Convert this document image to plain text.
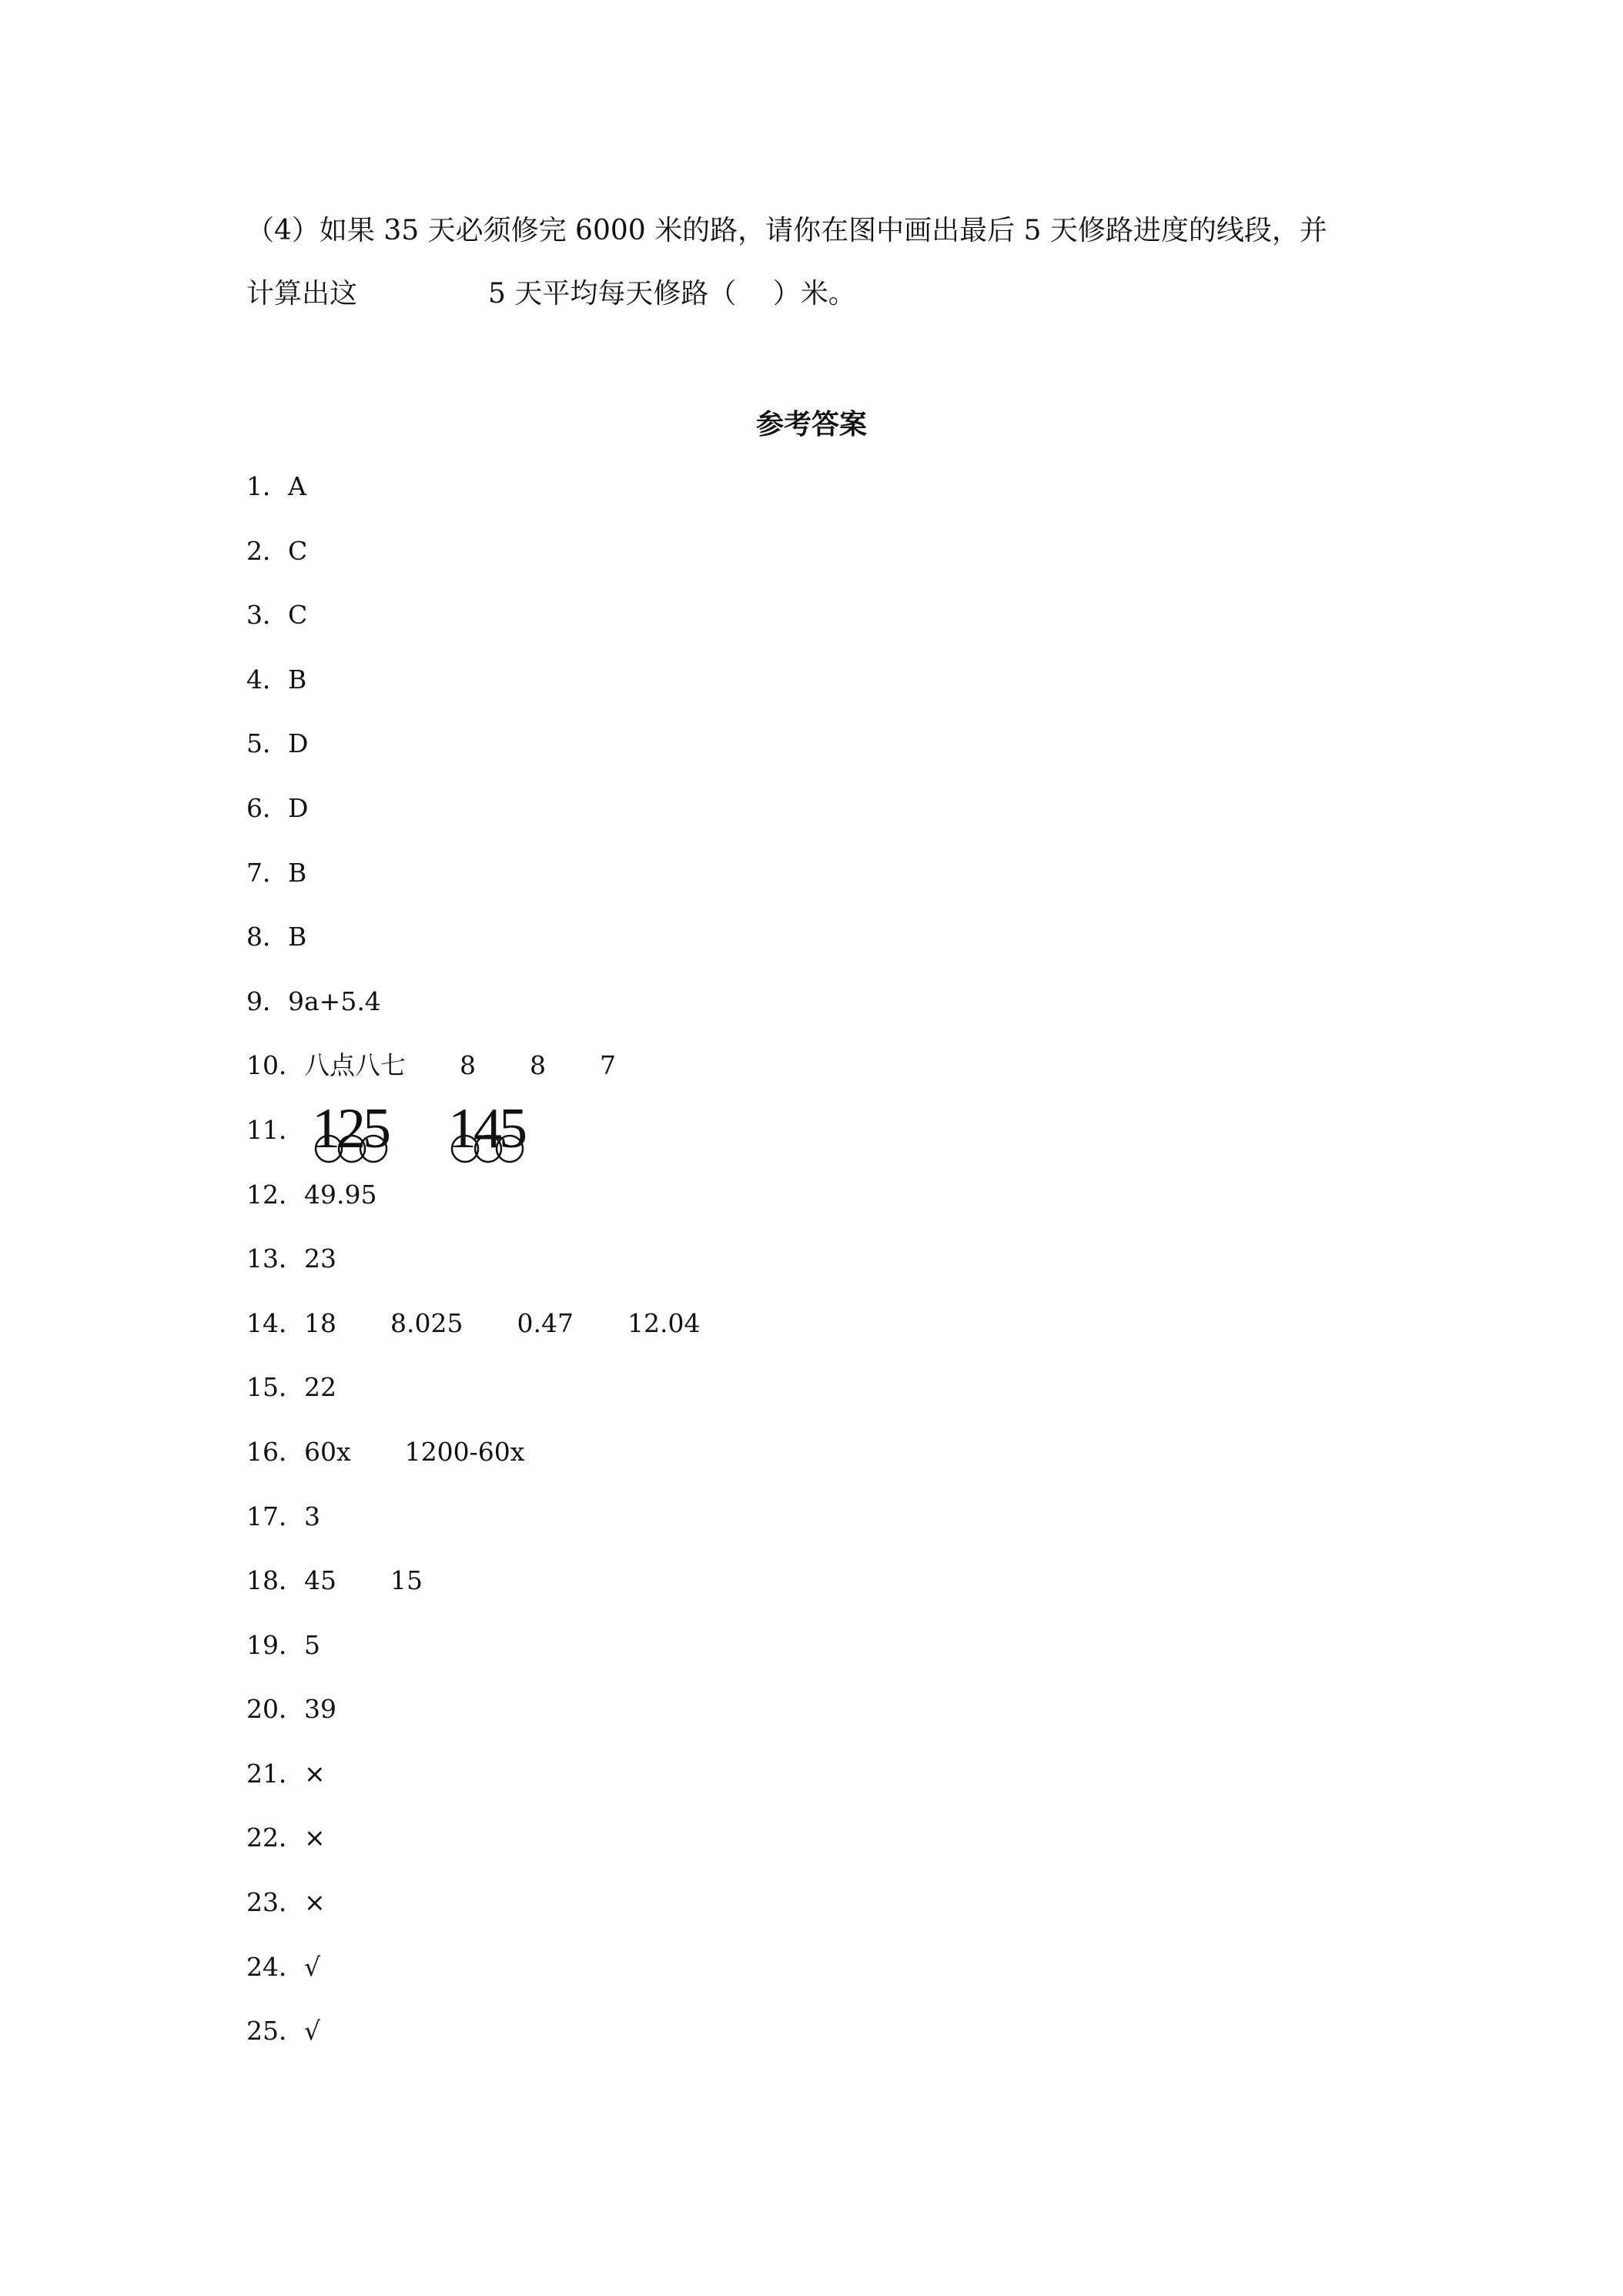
（4）如果 35 天必须修完 6000 米的路，请你在图中画出最后 5 天修路进度的线段，并
计算出这	5 天平均每天修路（　 ）米。
参考答案
1． A
2． C
3． C
4． B
5． D
6． D
7． B
8． B
9． 9a+5.4
10． 八点八七 8 8 7
11． 125 145
12． 49.95
13． 23
14． 18 8.025 0.47 12.04
15． 22
16． 60x 1200-60x
17． 3
18． 45 15
19． 5
20． 39
21． ×
22． ×
23． ×
24． √
25． √
